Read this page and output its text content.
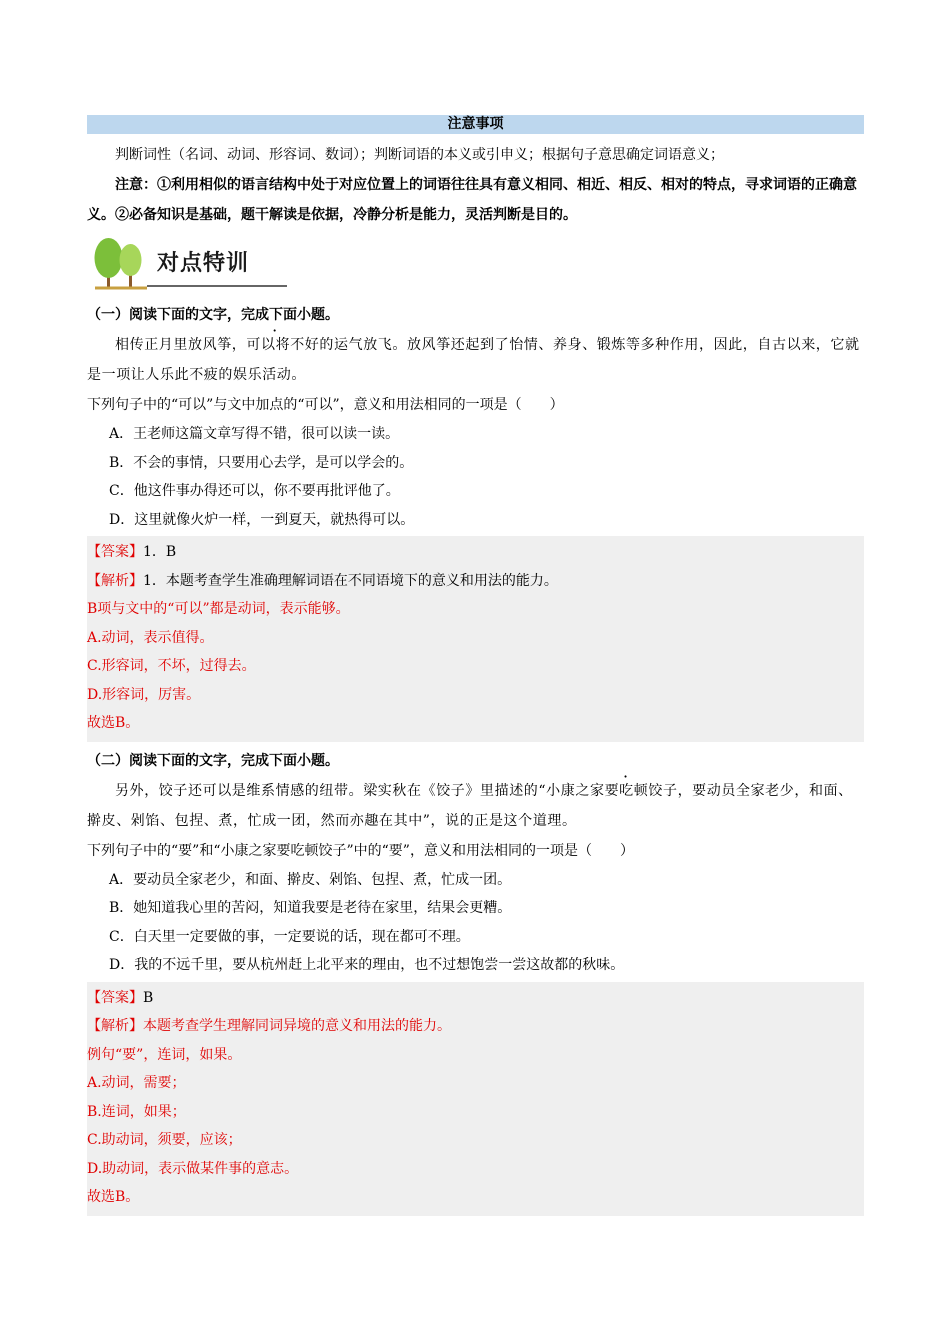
注意事项

判断词性（名词、动词、形容词、数词）；判断词语的本义或引申义；根据句子意思确定词语意义；

注意：①利用相似的语言结构中处于对应位置上的词语往往具有意义相同、相近、相反、相对的特点，寻求词语的正确意义。②必备知识是基础，题干解读是依据，冷静分析是能力，灵活判断是目的。

对点特训

（一）阅读下面的文字，完成下面小题。

相传正月里放风筝，可以将不好的运气放飞。放风筝还起到了怡情、养身、锻炼等多种作用，因此，自古以来，它就是一项让人乐此不疲的娱乐活动。

下列句子中的“可以”与文中加点的“可以”，意义和用法相同的一项是（　　）

A．王老师这篇文章写得不错，很可以读一读。

B．不会的事情，只要用心去学，是可以学会的。

C．他这件事办得还可以，你不要再批评他了。

D．这里就像火炉一样，一到夏天，就热得可以。

【答案】1．B

【解析】1．本题考查学生准确理解词语在不同语境下的意义和用法的能力。

B项与文中的“可以”都是动词，表示能够。

A.动词，表示值得。

C.形容词，不坏，过得去。

D.形容词，厉害。

故选B。

（二）阅读下面的文字，完成下面小题。

另外，饺子还可以是维系情感的纽带。梁实秋在《饺子》里描述的“小康之家要吃顿饺子，要动员全家老少，和面、擀皮、剁馅、包捏、煮，忙成一团，然而亦趣在其中”，说的正是这个道理。

下列句子中的“要”和“小康之家要吃顿饺子”中的“要”，意义和用法相同的一项是（　　）

A．要动员全家老少，和面、擀皮、剁馅、包捏、煮，忙成一团。

B．她知道我心里的苦闷，知道我要是老待在家里，结果会更糟。

C．白天里一定要做的事，一定要说的话，现在都可不理。

D．我的不远千里，要从杭州赶上北平来的理由，也不过想饱尝一尝这故都的秋味。

【答案】B

【解析】本题考查学生理解同词异境的意义和用法的能力。

例句“要”，连词，如果。

A.动词，需要；

B.连词，如果；

C.助动词，须要，应该；

D.助动词，表示做某件事的意志。

故选B。
